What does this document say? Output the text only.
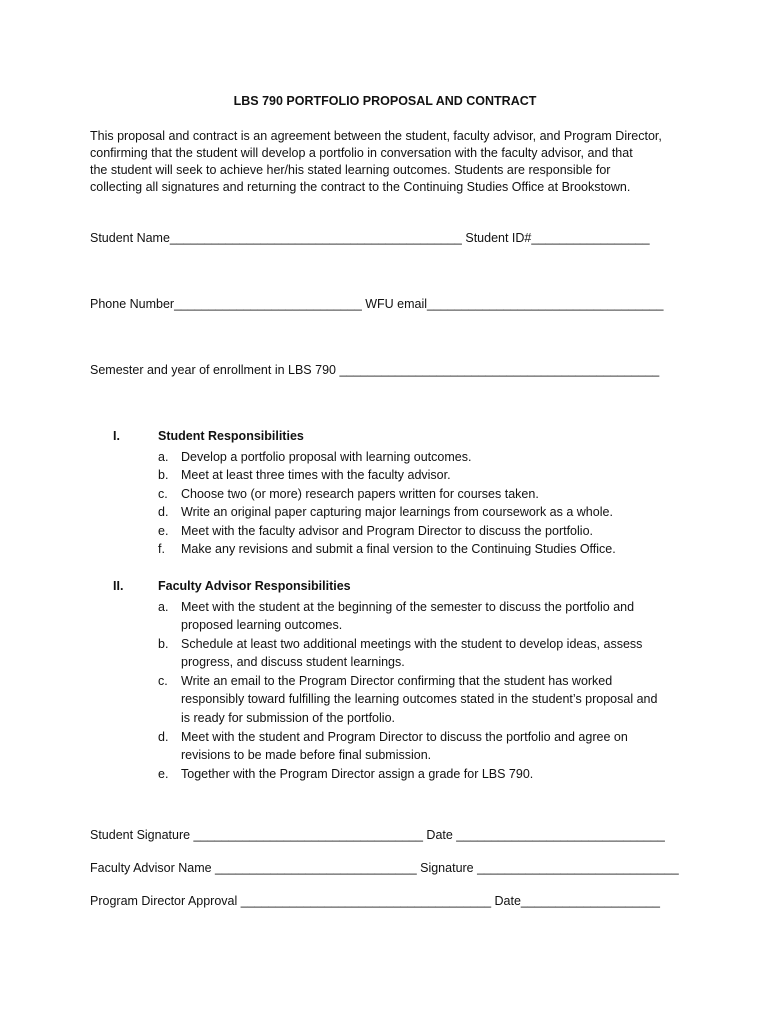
LBS 790 PORTFOLIO PROPOSAL AND CONTRACT

This proposal and contract is an agreement between the student, faculty advisor, and Program Director,

confirming that the student will develop a portfolio in conversation with the faculty advisor, and that

the student will seek to achieve her/his stated learning outcomes. Students are responsible for

collecting all signatures and returning the contract to the Continuing Studies Office at Brookstown.

Student Name__________________________________________ Student ID#_________________
Phone Number___________________________ WFU email__________________________________
Semester and year of enrollment in LBS 790 ______________________________________________
I.	Student Responsibilities
a. Develop a portfolio proposal with learning outcomes.
b. Meet at least three times with the faculty advisor.
c. Choose two (or more) research papers written for courses taken.
d. Write an original paper capturing major learnings from coursework as a whole.
e. Meet with the faculty advisor and Program Director to discuss the portfolio.
f. Make any revisions and submit a final version to the Continuing Studies Office.
II.	Faculty Advisor Responsibilities
a. Meet with the student at the beginning of the semester to discuss the portfolio and
proposed learning outcomes.
b. Schedule at least two additional meetings with the student to develop ideas, assess
progress, and discuss student learnings.
c. Write an email to the Program Director confirming that the student has worked
responsibly toward fulfilling the learning outcomes stated in the student’s proposal and
is ready for submission of the portfolio.
d. Meet with the student and Program Director to discuss the portfolio and agree on
revisions to be made before final submission.
e. Together with the Program Director assign a grade for LBS 790.
Student Signature _________________________________ Date ______________________________
Faculty Advisor Name _____________________________ Signature _____________________________
Program Director Approval ____________________________________ Date____________________
